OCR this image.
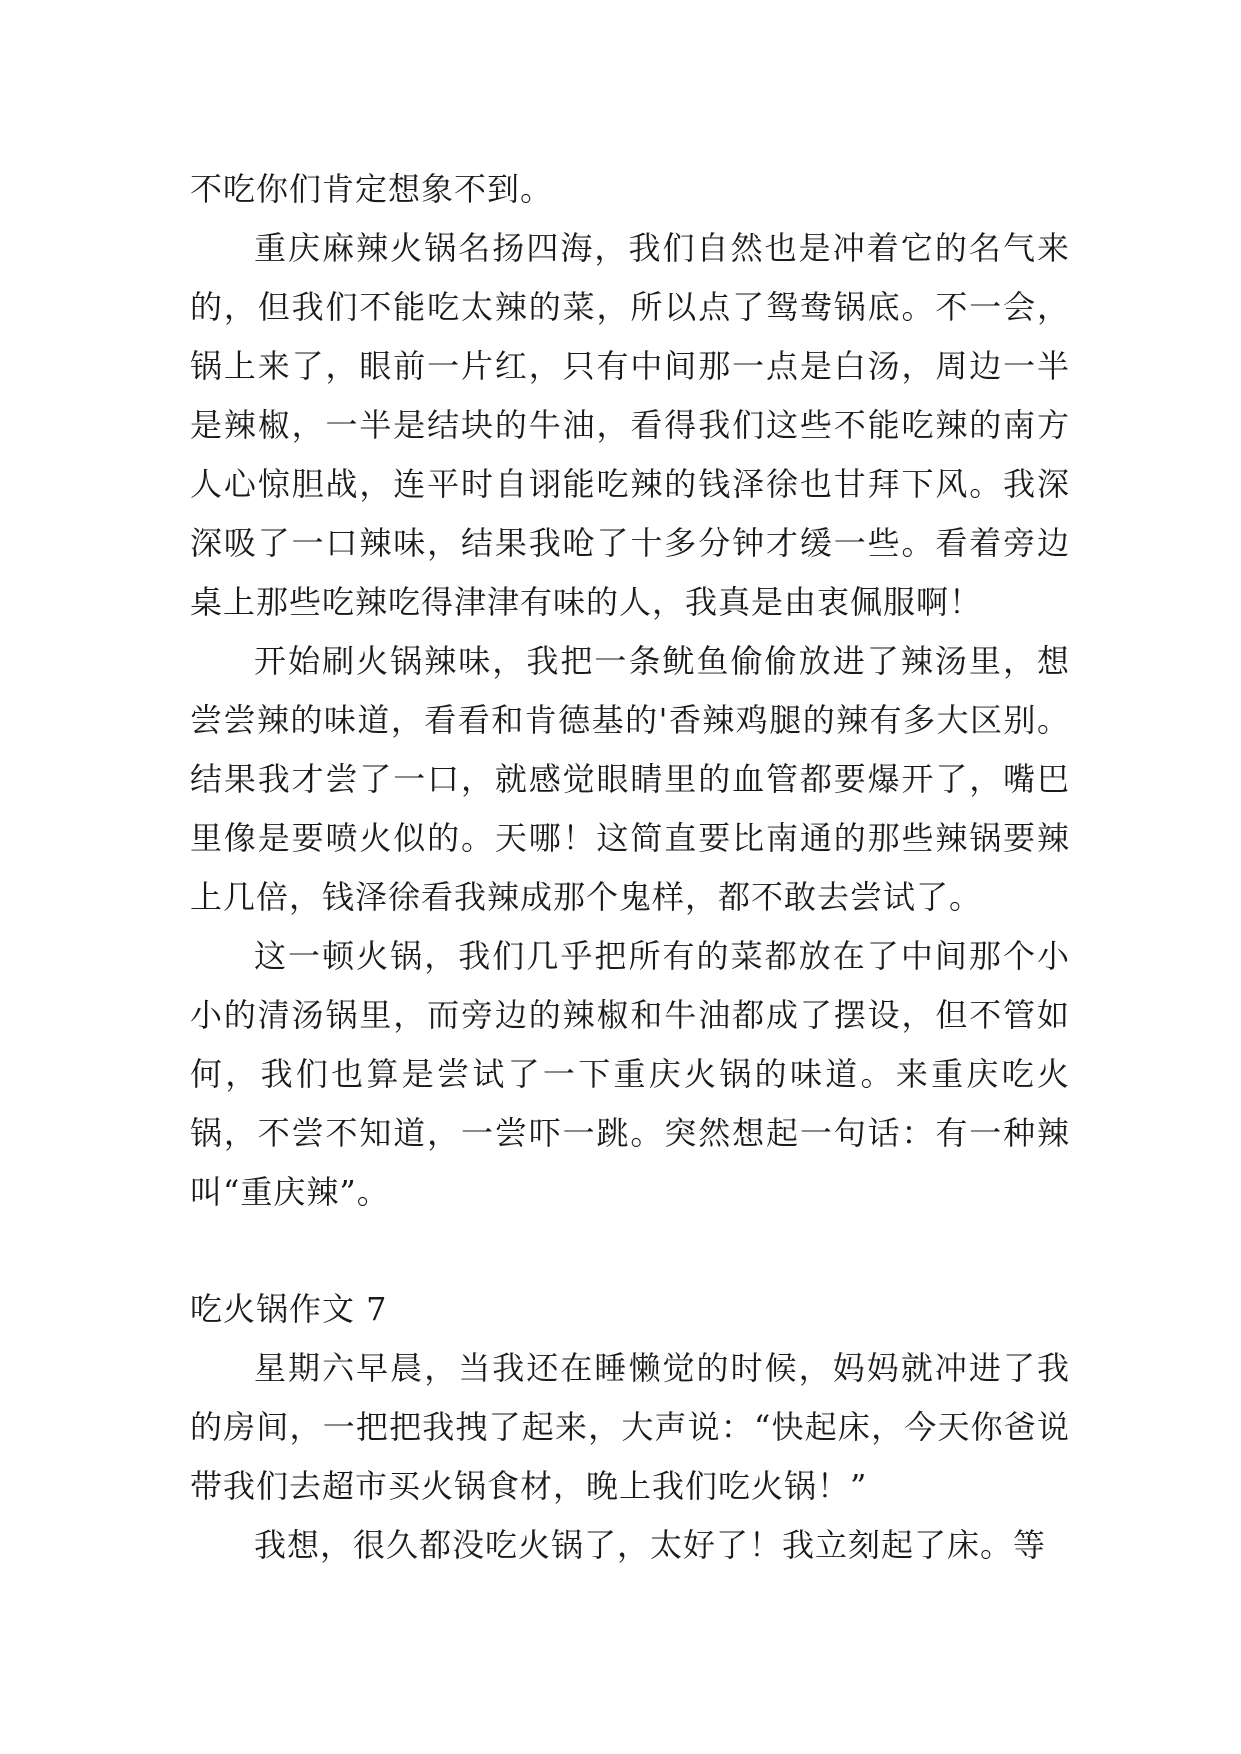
不吃你们肯定想象不到。

重庆麻辣火锅名扬四海，我们自然也是冲着它的名气来的，但我们不能吃太辣的菜，所以点了鸳鸯锅底。不一会，锅上来了，眼前一片红，只有中间那一点是白汤，周边一半是辣椒，一半是结块的牛油，看得我们这些不能吃辣的南方人心惊胆战，连平时自诩能吃辣的钱泽徐也甘拜下风。我深深吸了一口辣味，结果我呛了十多分钟才缓一些。看着旁边桌上那些吃辣吃得津津有味的人，我真是由衷佩服啊！

开始刷火锅辣味，我把一条鱿鱼偷偷放进了辣汤里，想尝尝辣的味道，看看和肯德基的'香辣鸡腿的辣有多大区别。结果我才尝了一口，就感觉眼睛里的血管都要爆开了，嘴巴里像是要喷火似的。天哪！这简直要比南通的那些辣锅要辣上几倍，钱泽徐看我辣成那个鬼样，都不敢去尝试了。

这一顿火锅，我们几乎把所有的菜都放在了中间那个小小的清汤锅里，而旁边的辣椒和牛油都成了摆设，但不管如何，我们也算是尝试了一下重庆火锅的味道。来重庆吃火锅，不尝不知道，一尝吓一跳。突然想起一句话：有一种辣叫“重庆辣”。

吃火锅作文 7

星期六早晨，当我还在睡懒觉的时候，妈妈就冲进了我的房间，一把把我拽了起来，大声说：“快起床，今天你爸说带我们去超市买火锅食材，晚上我们吃火锅！”

我想，很久都没吃火锅了，太好了！我立刻起了床。等
